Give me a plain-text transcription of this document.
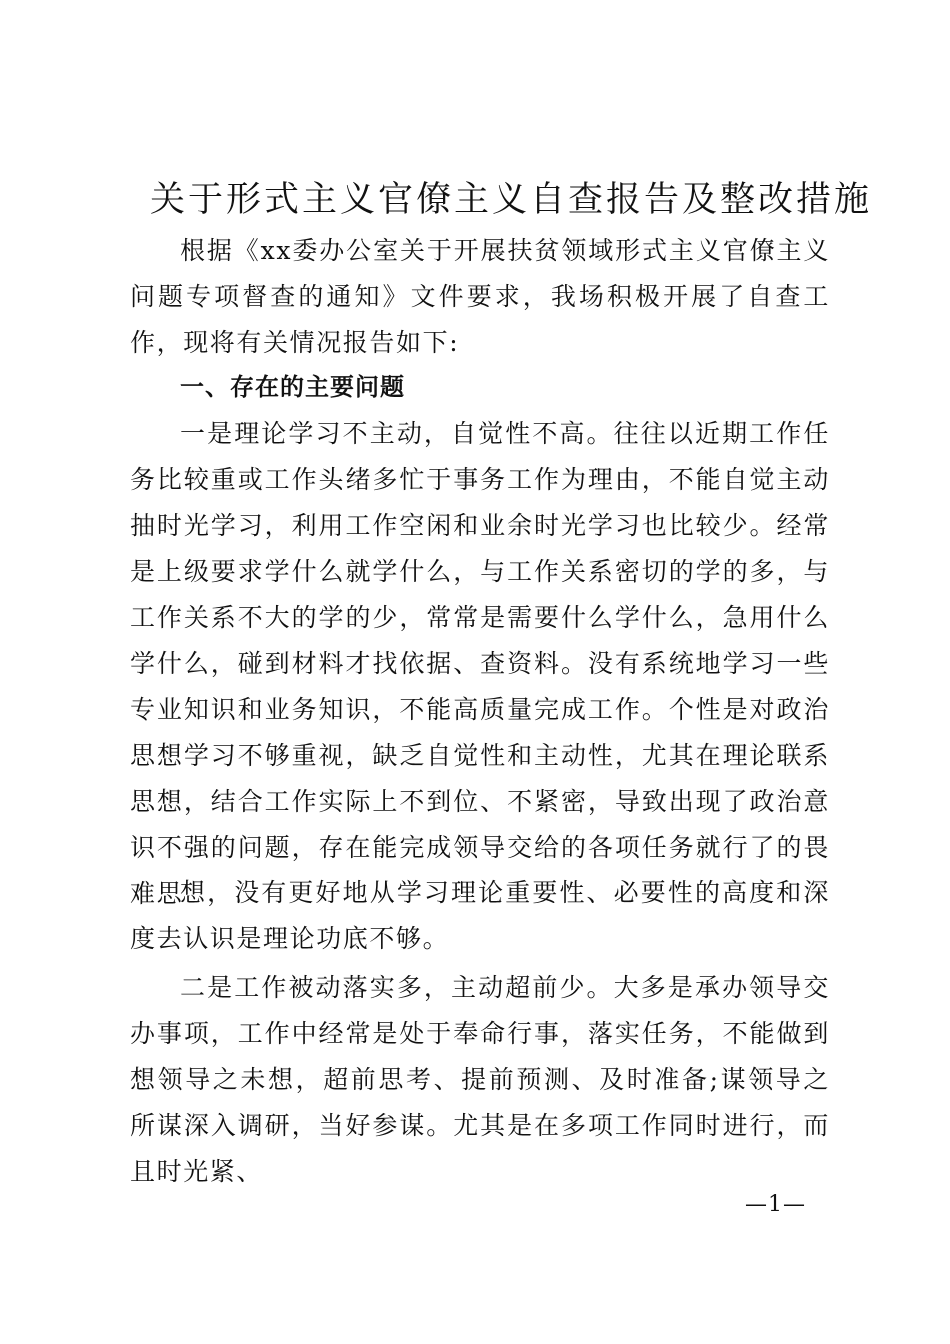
关于形式主义官僚主义自查报告及整改措施

根据《xx委办公室关于开展扶贫领域形式主义官僚主义问题专项督查的通知》文件要求，我场积极开展了自查工作，现将有关情况报告如下:

一、存在的主要问题

一是理论学习不主动，自觉性不高。往往以近期工作任务比较重或工作头绪多忙于事务工作为理由，不能自觉主动抽时光学习，利用工作空闲和业余时光学习也比较少。经常是上级要求学什么就学什么，与工作关系密切的学的多，与工作关系不大的学的少，常常是需要什么学什么，急用什么学什么，碰到材料才找依据、查资料。没有系统地学习一些专业知识和业务知识，不能高质量完成工作。个性是对政治思想学习不够重视，缺乏自觉性和主动性，尤其在理论联系思想，结合工作实际上不到位、不紧密，导致出现了政治意识不强的问题，存在能完成领导交给的各项任务就行了的畏难思

想，没有更好地从学习理论重要性、必要性的高度和深度去认识是理论功底不够。

二是工作被动落实多，主动超前少。大多是承办领导交办事项，工作中经常是处于奉命行事，落实任务，不能做到想领导之未想，超前思考、提前预测、及时准备;谋领导之所谋深入调研，当好参谋。尤其是在多项工作同时进行，而且时光紧、

—1—
